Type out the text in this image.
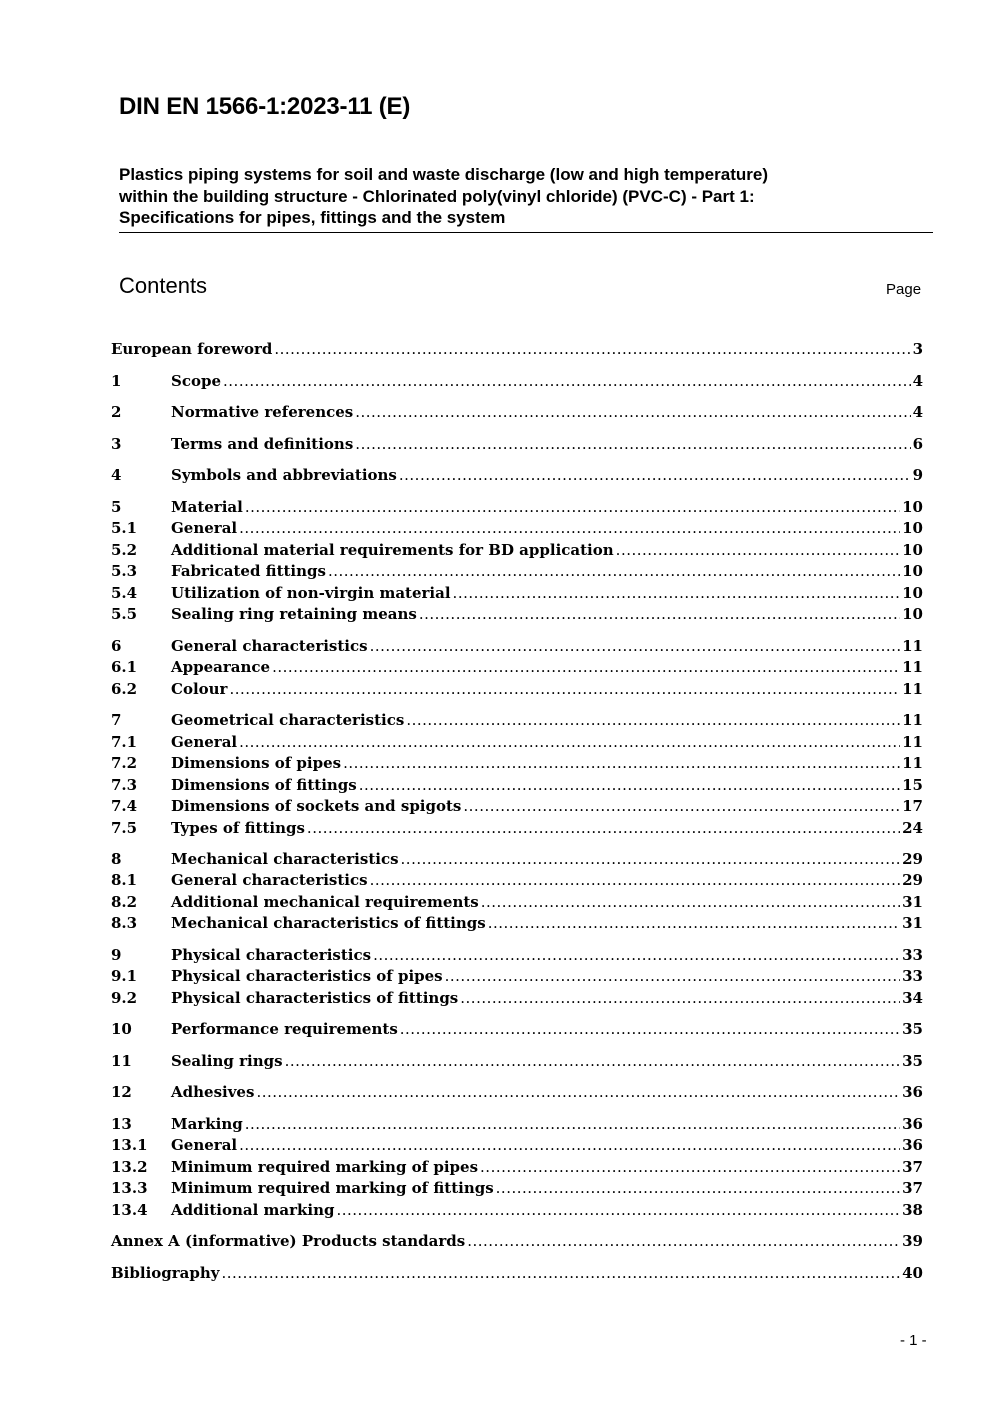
DIN EN 1566-1:2023-11 (E)
Plastics piping systems for soil and waste discharge (low and high temperature)
within the building structure - Chlorinated poly(vinyl chloride) (PVC-C) - Part 1:
Specifications for pipes, fittings and the system
Contents	Page
European foreword .....	3
1	Scope .....	4
2	Normative references .....	4
3	Terms and definitions .....	6
4	Symbols and abbreviations .....	9
5	Material .....	10
5.1	General .....	10
5.2	Additional material requirements for BD application .....	10
5.3	Fabricated fittings .....	10
5.4	Utilization of non-virgin material .....	10
5.5	Sealing ring retaining means .....	10
6	General characteristics .....	11
6.1	Appearance .....	11
6.2	Colour .....	11
7	Geometrical characteristics .....	11
7.1	General .....	11
7.2	Dimensions of pipes .....	11
7.3	Dimensions of fittings .....	15
7.4	Dimensions of sockets and spigots .....	17
7.5	Types of fittings .....	24
8	Mechanical characteristics .....	29
8.1	General characteristics .....	29
8.2	Additional mechanical requirements .....	31
8.3	Mechanical characteristics of fittings .....	31
9	Physical characteristics .....	33
9.1	Physical characteristics of pipes .....	33
9.2	Physical characteristics of fittings .....	34
10	Performance requirements .....	35
11	Sealing rings .....	35
12	Adhesives .....	36
13	Marking .....	36
13.1	General .....	36
13.2	Minimum required marking of pipes .....	37
13.3	Minimum required marking of fittings .....	37
13.4	Additional marking .....	38
Annex A (informative) Products standards .....	39
Bibliography .....	40
- 1 -
